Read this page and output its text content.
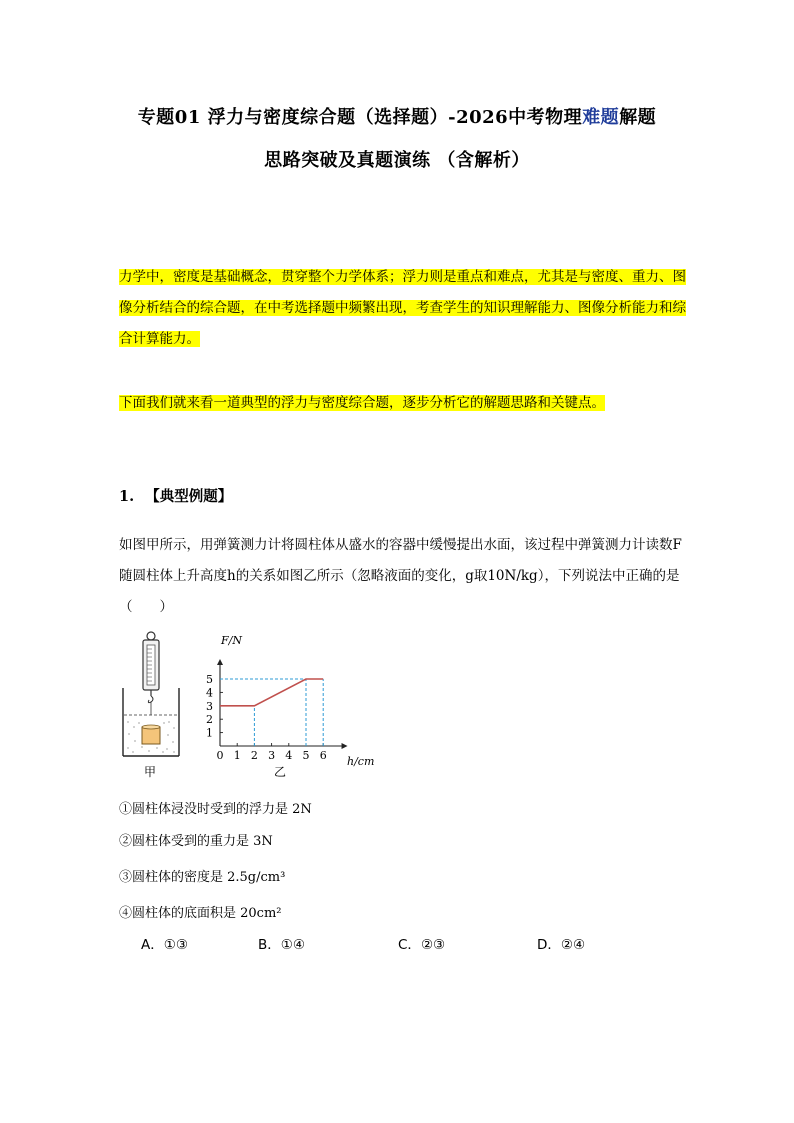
专题01 浮力与密度综合题（选择题）-2026中考物理难题解题
思路突破及真题演练 （含解析）
力学中，密度是基础概念，贯穿整个力学体系；浮力则是重点和难点，尤其是与密度、重力、图像分析结合的综合题，在中考选择题中频繁出现，考查学生的知识理解能力、图像分析能力和综合计算能力。
下面我们就来看一道典型的浮力与密度综合题，逐步分析它的解题思路和关键点。
1. 【典型例题】
如图甲所示，用弹簧测力计将圆柱体从盛水的容器中缓慢提出水面，该过程中弹簧测力计读数F随圆柱体上升高度h的关系如图乙所示（忽略液面的变化，g取10N/kg），下列说法中正确的是（　　）
甲
F/N
h/cm
乙
0 1 2 3 4 5 6
1
2
3
4
5
①圆柱体浸没时受到的浮力是 2N
②圆柱体受到的重力是 3N
③圆柱体的密度是 2.5g/cm³
④圆柱体的底面积是 20cm²
A．①③	B．①④	C．②③	D．②④
